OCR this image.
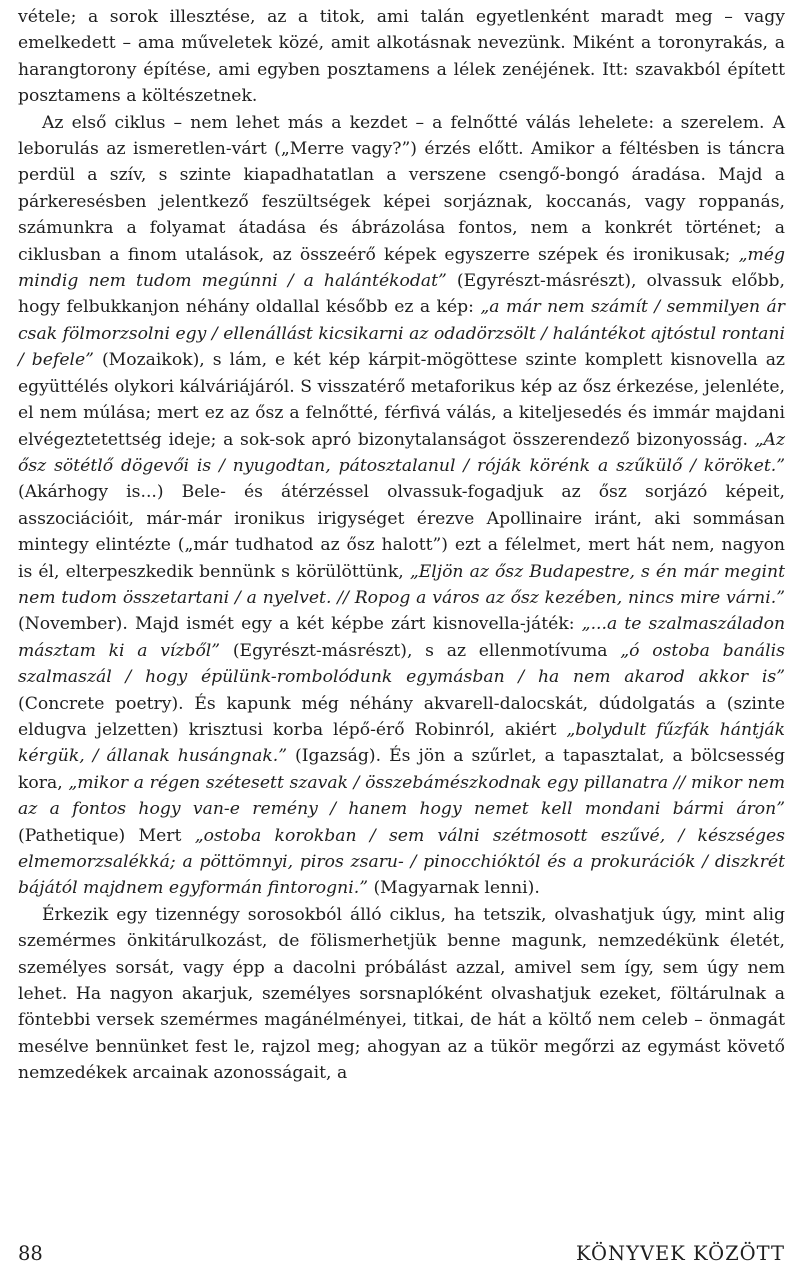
vétele; a sorok illesztése, az a titok, ami talán egyetlenként maradt meg – vagy emelkedett – ama műveletek közé, amit alkotásnak nevezünk. Miként a toronyrakás, a harangtorony építése, ami egyben posztamens a lélek zenéjének. Itt: szavakból épített posztamens a költészetnek.

Az első ciklus – nem lehet más a kezdet – a felnőtté válás lehelete: a szerelem. A leborulás az ismeretlen-várt („Merre vagy?”) érzés előtt. Amikor a féltésben is táncra perdül a szív, s szinte kiapadhatatlan a verszene csengő-bongó áradása. Majd a párkeresésben jelentkező feszültségek képei sorjáznak, koccanás, vagy roppanás, számunkra a folyamat átadása és ábrázolása fontos, nem a konkrét történet; a ciklusban a finom utalások, az összeérő képek egyszerre szépek és ironikusak; „még mindig nem tudom megúnni / a halántékodat” (Egyrészt-másrészt), olvassuk előbb, hogy felbukkanjon néhány oldallal később ez a kép: „a már nem számít / semmilyen ár csak fölmorzsolni egy / ellenállást kicsikarni az odadörzsölt / halántékot ajtóstul rontani / befele” (Mozaikok), s lám, e két kép kárpit-mögöttese szinte komplett kisnovella az együttélés olykori kálváriájáról. S visszatérő metaforikus kép az ősz érkezése, jelenléte, el nem múlása; mert ez az ősz a felnőtté, férfivá válás, a kiteljesedés és immár majdani elvégeztetettség ideje; a sok-sok apró bizonytalanságot összerendező bizonyosság. „Az ősz sötétlő dögevői is / nyugodtan, pátosztalanul / róják körénk a szűkülő / köröket.” (Akárhogy is...) Bele- és átérzéssel olvassuk-fogadjuk az ősz sorjázó képeit, asszociációit, már-már ironikus irigységet érezve Apollinaire iránt, aki sommásan mintegy elintézte („már tudhatod az ősz halott”) ezt a félelmet, mert hát nem, nagyon is él, elterpeszkedik bennünk s körülöttünk, „Eljön az ősz Budapestre, s én már megint nem tudom összetartani / a nyelvet. // Ropog a város az ősz kezében, nincs mire várni.” (November). Majd ismét egy a két képbe zárt kisnovella-játék: „...a te szalmaszáladon másztam ki a vízből” (Egyrészt-másrészt), s az ellenmotívuma „ó ostoba banális szalmaszál / hogy épülünk-rombolódunk egymásban / ha nem akarod akkor is” (Concrete poetry). És kapunk még néhány akvarell-dalocskát, dúdolgatás a (szinte eldugva jelzetten) krisztusi korba lépő-érő Robinról, akiért „bolydult fűzfák hántják kérgük, / állanak husángnak.” (Igazság). És jön a szűrlet, a tapasztalat, a bölcsesség kora, „mikor a régen szétesett szavak / összebámészkodnak egy pillanatra // mikor nem az a fontos hogy van-e remény / hanem hogy nemet kell mondani bármi áron” (Pathetique) Mert „ostoba korokban / sem válni szétmosott eszűvé, / készséges elmemorzsalékká; a pöttömnyi, piros zsaru- / pinocchióktól és a prokurációk / diszkrét bájától majdnem egyformán fintorogni.” (Magyarnak lenni).

Érkezik egy tizennégy sorosokból álló ciklus, ha tetszik, olvashatjuk úgy, mint alig szemérmes önkitárulkozást, de fölismerhetjük benne magunk, nemzedékünk életét, személyes sorsát, vagy épp a dacolni próbálást azzal, amivel sem így, sem úgy nem lehet. Ha nagyon akarjuk, személyes sorsnaplóként olvashatjuk ezeket, föltárulnak a föntebbi versek szemérmes magánélményei, titkai, de hát a költő nem celeb – önmagát mesélve bennünket fest le, rajzol meg; ahogyan az a tükör megőrzi az egymást követő nemzedékek arcainak azonosságait, a

88	KÖNYVEK KÖZÖTT
